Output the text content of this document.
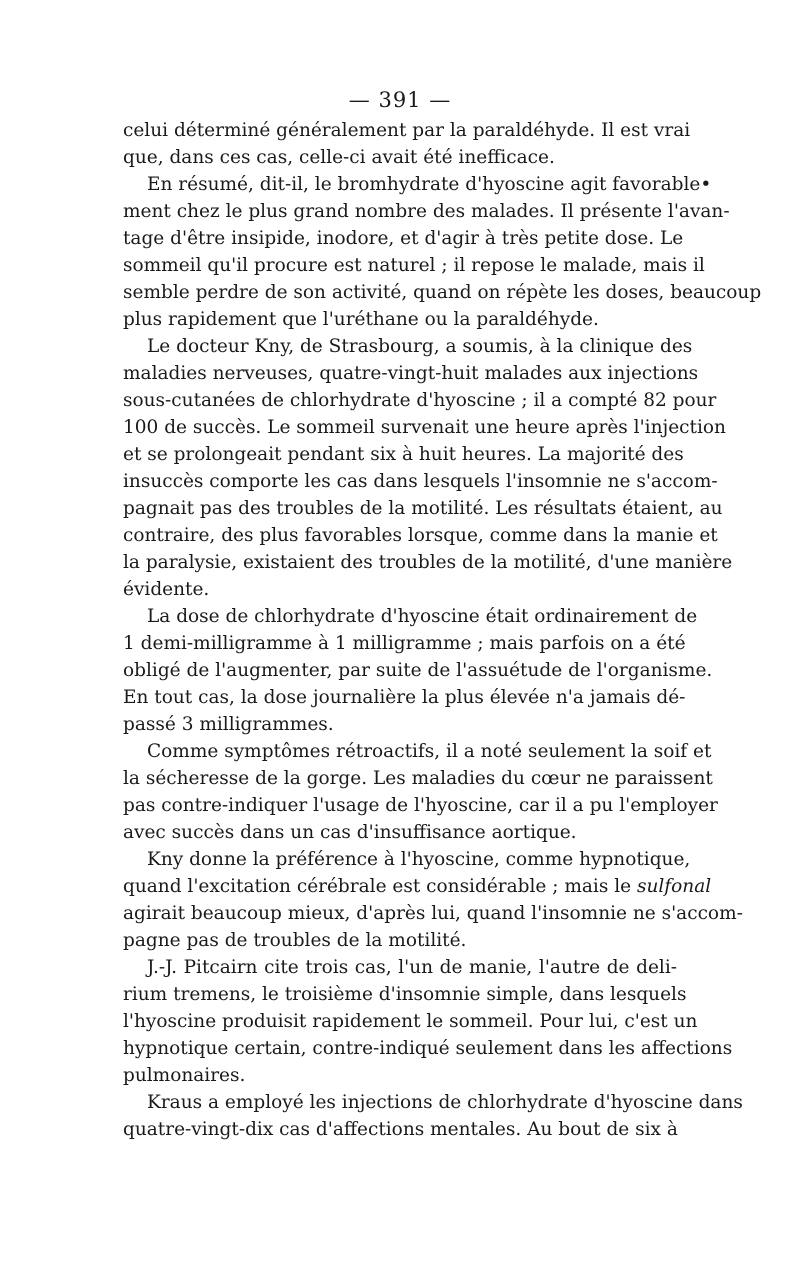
— 391 —
celui déterminé généralement par la paraldéhyde. Il est vrai
que, dans ces cas, celle-ci avait été inefficace.
En résumé, dit-il, le bromhydrate d'hyoscine agit favorable•
ment chez le plus grand nombre des malades. Il présente l'avan-
tage d'être insipide, inodore, et d'agir à très petite dose. Le
sommeil qu'il procure est naturel ; il repose le malade, mais il
semble perdre de son activité, quand on répète les doses, beaucoup
plus rapidement que l'uréthane ou la paraldéhyde.
Le docteur Kny, de Strasbourg, a soumis, à la clinique des
maladies nerveuses, quatre-vingt-huit malades aux injections
sous-cutanées de chlorhydrate d'hyoscine ; il a compté 82 pour
100 de succès. Le sommeil survenait une heure après l'injection
et se prolongeait pendant six à huit heures. La majorité des
insuccès comporte les cas dans lesquels l'insomnie ne s'accom-
pagnait pas des troubles de la motilité. Les résultats étaient, au
contraire, des plus favorables lorsque, comme dans la manie et
la paralysie, existaient des troubles de la motilité, d'une manière
évidente.
La dose de chlorhydrate d'hyoscine était ordinairement de
1 demi-milligramme à 1 milligramme ; mais parfois on a été
obligé de l'augmenter, par suite de l'assuétude de l'organisme.
En tout cas, la dose journalière la plus élevée n'a jamais dé-
passé 3 milligrammes.
Comme symptômes rétroactifs, il a noté seulement la soif et
la sécheresse de la gorge. Les maladies du cœur ne paraissent
pas contre-indiquer l'usage de l'hyoscine, car il a pu l'employer
avec succès dans un cas d'insuffisance aortique.
Kny donne la préférence à l'hyoscine, comme hypnotique,
quand l'excitation cérébrale est considérable ; mais le sulfonal
agirait beaucoup mieux, d'après lui, quand l'insomnie ne s'accom-
pagne pas de troubles de la motilité.
J.-J. Pitcairn cite trois cas, l'un de manie, l'autre de deli-
rium tremens, le troisième d'insomnie simple, dans lesquels
l'hyoscine produisit rapidement le sommeil. Pour lui, c'est un
hypnotique certain, contre-indiqué seulement dans les affections
pulmonaires.
Kraus a employé les injections de chlorhydrate d'hyoscine dans
quatre-vingt-dix cas d'affections mentales. Au bout de six à
